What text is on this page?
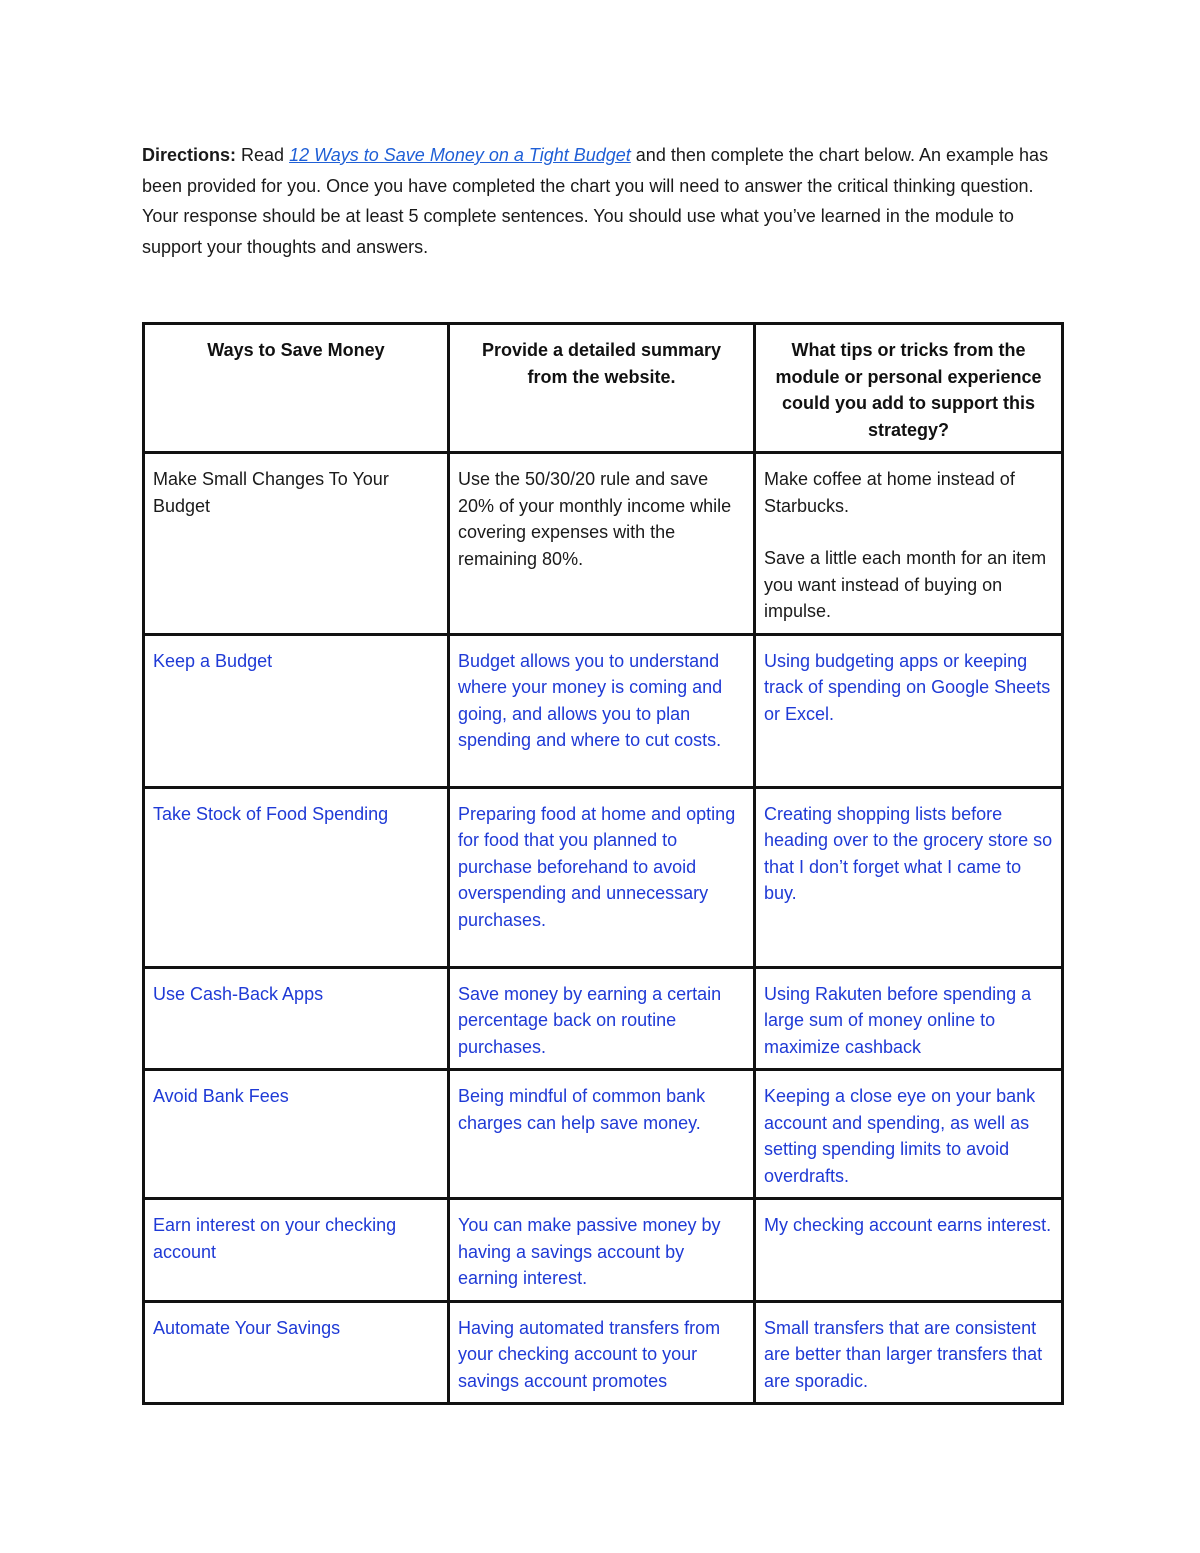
Directions: Read 12 Ways to Save Money on a Tight Budget and then complete the chart below. An example has been provided for you. Once you have completed the chart you will need to answer the critical thinking question. Your response should be at least 5 complete sentences. You should use what you’ve learned in the module to support your thoughts and answers.
Ways to Save Money	Provide a detailed summary from the website.	What tips or tricks from the module or personal experience could you add to support this strategy?
Make Small Changes To Your Budget	Use the 50/30/20 rule and save 20% of your monthly income while covering expenses with the remaining 80%.	Make coffee at home instead of Starbucks.
Save a little each month for an item you want instead of buying on impulse.

Keep a Budget	Budget allows you to understand where your money is coming and going, and allows you to plan spending and where to cut costs.	Using budgeting apps or keeping track of spending on Google Sheets or Excel.
Take Stock of Food Spending	Preparing food at home and opting for food that you planned to purchase beforehand to avoid overspending and unnecessary purchases.	Creating shopping lists before heading over to the grocery store so that I don’t forget what I came to buy.
Use Cash-Back Apps	Save money by earning a certain percentage back on routine purchases.	Using Rakuten before spending a large sum of money online to maximize cashback
Avoid Bank Fees	Being mindful of common bank charges can help save money.	Keeping a close eye on your bank account and spending, as well as setting spending limits to avoid overdrafts.
Earn interest on your checking account	You can make passive money by having a savings account by earning interest.	My checking account earns interest.
Automate Your Savings	Having automated transfers from your checking account to your savings account promotes	Small transfers that are consistent are better than larger transfers that are sporadic.
